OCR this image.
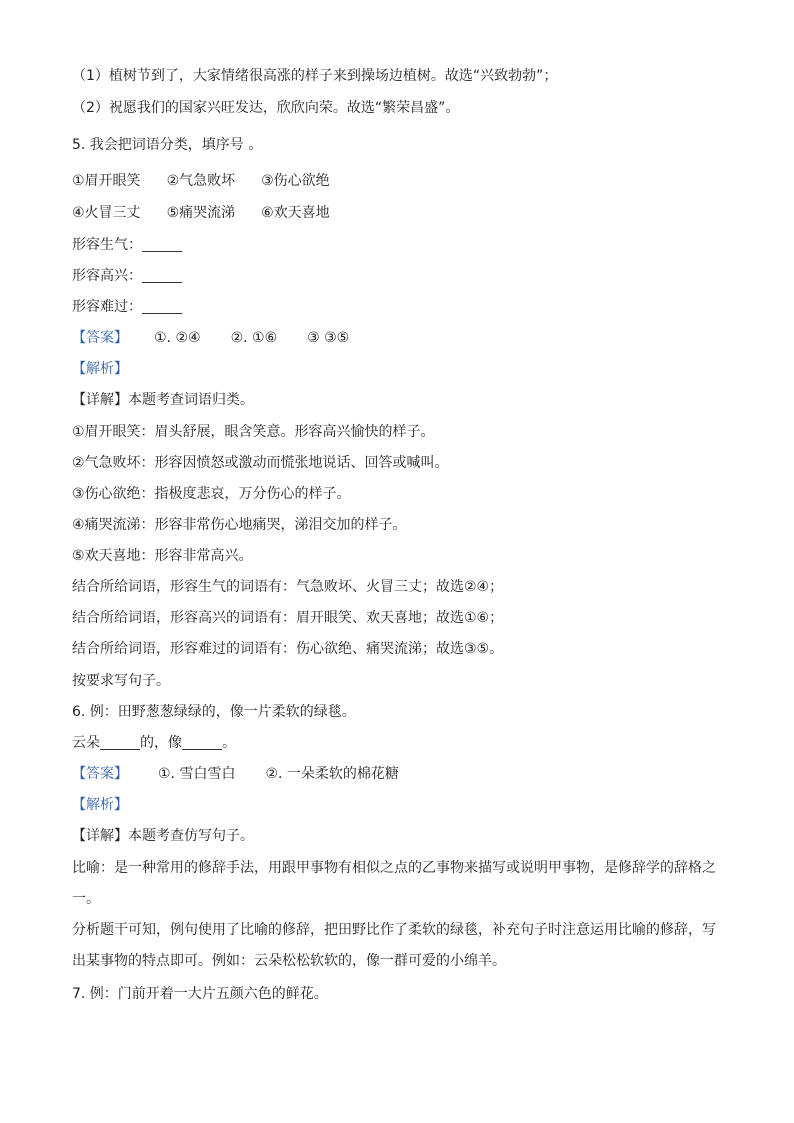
（1）植树节到了，大家情绪很高涨的样子来到操场边植树。故选“兴致勃勃”；
（2）祝愿我们的国家兴旺发达，欣欣向荣。故选“繁荣昌盛”。
5. 我会把词语分类，填序号 。
①眉开眼笑 ②气急败坏 ③伤心欲绝
④火冒三丈 ⑤痛哭流涕 ⑥欢天喜地
形容生气：
形容高兴：
形容难过：
【答案】 ①. ②④ ②. ①⑥ ③ ③⑤
【解析】
【详解】本题考查词语归类。
①眉开眼笑：眉头舒展，眼含笑意。形容高兴愉快的样子。
②气急败坏：形容因愤怒或激动而慌张地说话、回答或喊叫。
③伤心欲绝：指极度悲哀，万分伤心的样子。
④痛哭流涕：形容非常伤心地痛哭，涕泪交加的样子。
⑤欢天喜地：形容非常高兴。
结合所给词语，形容生气的词语有：气急败坏、火冒三丈；故选②④；
结合所给词语，形容高兴的词语有：眉开眼笑、欢天喜地；故选①⑥；
结合所给词语，形容难过的词语有：伤心欲绝、痛哭流涕；故选③⑤。
按要求写句子。
6. 例：田野葱葱绿绿的，像一片柔软的绿毯。
云朵	的，像	。
【答案】 ①. 雪白雪白 ②. 一朵柔软的棉花糖
【解析】
【详解】本题考查仿写句子。
比喻：是一种常用的修辞手法，用跟甲事物有相似之点的乙事物来描写或说明甲事物，是修辞学的辞格之一。
分析题干可知，例句使用了比喻的修辞，把田野比作了柔软的绿毯，补充句子时注意运用比喻的修辞，写出某事物的特点即可。例如：云朵松松软软的，像一群可爱的小绵羊。
7. 例：门前开着一大片五颜六色的鲜花。
